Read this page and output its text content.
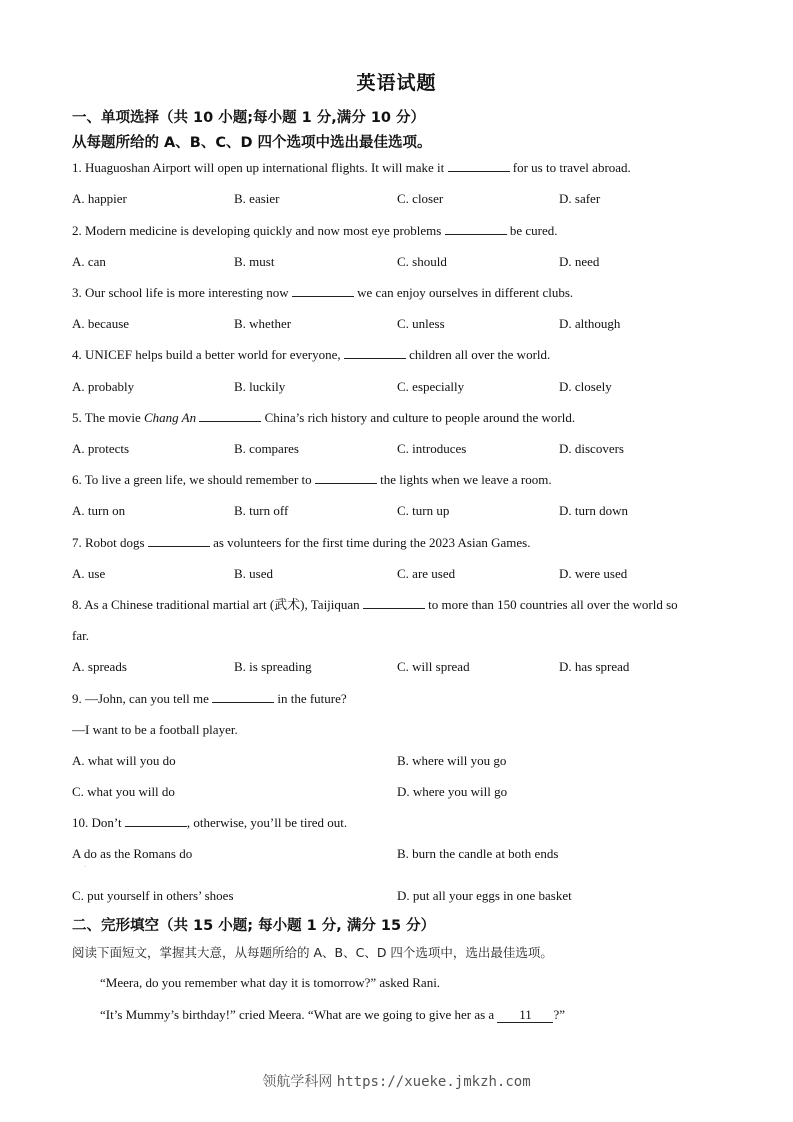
英语试题
一、单项选择（共 10 小题;每小题 1 分,满分 10 分）
从每题所给的 A、B、C、D 四个选项中选出最佳选项。
1. Huaguoshan Airport will open up international flights. It will make it	for us to travel abroad.
A. happier	B. easier	C. closer	D. safer
2. Modern medicine is developing quickly and now most eye problems	be cured.
A. can	B. must	C. should	D. need
3. Our school life is more interesting now	we can enjoy ourselves in different clubs.
A. because	B. whether	C. unless	D. although
4. UNICEF helps build a better world for everyone,	children all over the world.
A. probably	B. luckily	C. especially	D. closely
5. The movie Chang An	China’s rich history and culture to people around the world.
A. protects	B. compares	C. introduces	D. discovers
6. To live a green life, we should remember to	the lights when we leave a room.
A. turn on	B. turn off	C. turn up	D. turn down
7. Robot dogs	as volunteers for the first time during the 2023 Asian Games.
A. use	B. used	C. are used	D. were used
8. As a Chinese traditional martial art (武术), Taijiquan	to more than 150 countries all over the world so
far.
A. spreads	B. is spreading	C. will spread	D. has spread
9. —John, can you tell me	in the future?
—I want to be a football player.
A. what will you do	B. where will you go
C. what you will do	D. where you will go
10. Don’t	, otherwise, you’ll be tired out.
A do as the Romans do	B. burn the candle at both ends
·
C. put yourself in others’ shoes	D. put all your eggs in one basket
二、完形填空（共 15 小题; 每小题 1 分, 满分 15 分）
阅读下面短文，掌握其大意，从每题所给的 A、B、C、D 四个选项中，选出最佳选项。
“Meera, do you remember what day it is tomorrow?” asked Rani.
“It’s Mummy’s birthday!” cried Meera. “What are we going to give her as a 11 ?”
领航学科网 https://xueke.jmkzh.com
